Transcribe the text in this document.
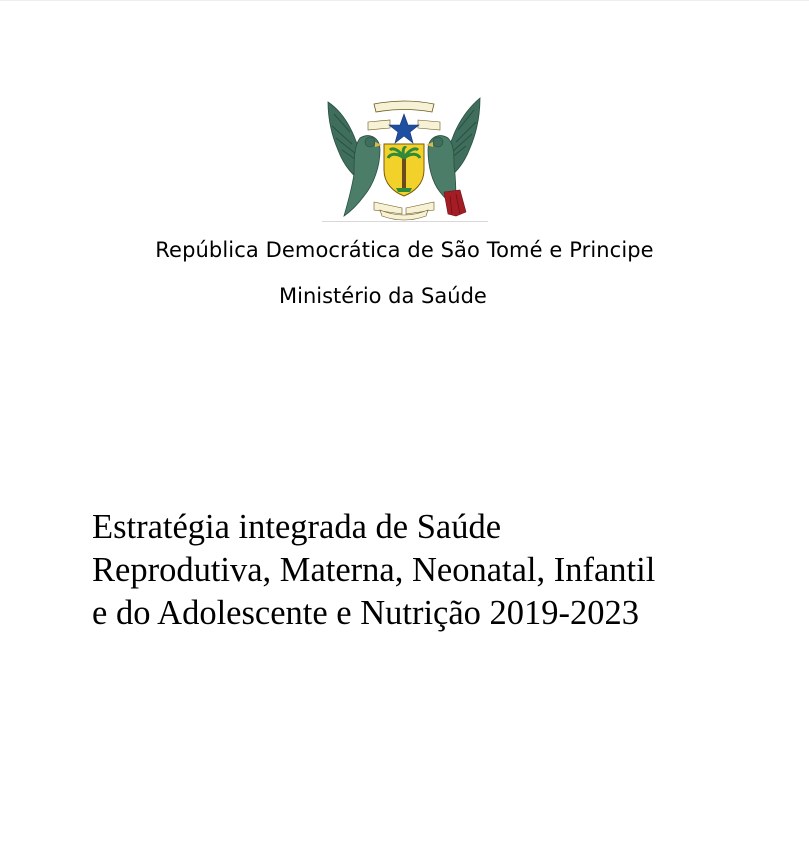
República Democrática de São Tomé e Principe
Ministério da Saúde
Estratégia integrada de Saúde
Reprodutiva, Materna, Neonatal, Infantil
e do Adolescente e Nutrição 2019-2023
